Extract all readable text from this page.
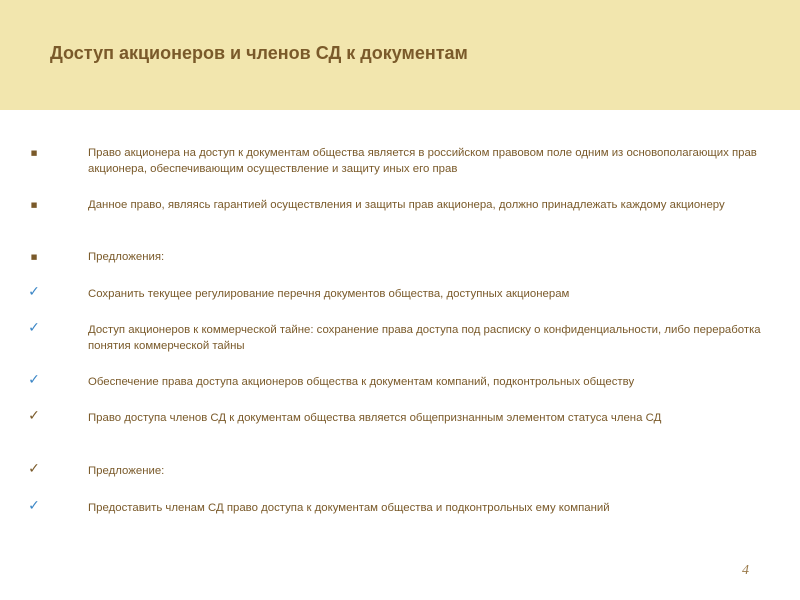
Доступ акционеров и членов СД к документам
■	Право акционера на доступ к документам общества является в российском правовом поле одним из основополагающих прав акционера, обеспечивающим осуществление и защиту иных его прав
■	Данное право, являясь гарантией осуществления и защиты прав акционера, должно принадлежать каждому акционеру
■	Предложения:
✓	Сохранить текущее регулирование перечня документов общества, доступных акционерам
✓	Доступ акционеров к коммерческой тайне: сохранение права доступа под расписку о конфиденциальности, либо переработка понятия коммерческой тайны
✓	Обеспечение права доступа акционеров общества к документам компаний, подконтрольных обществу
✓	Право доступа членов СД к документам общества является общепризнанным элементом статуса члена СД
✓	Предложение:
✓	Предоставить членам СД право доступа к документам общества и подконтрольных ему компаний
4
